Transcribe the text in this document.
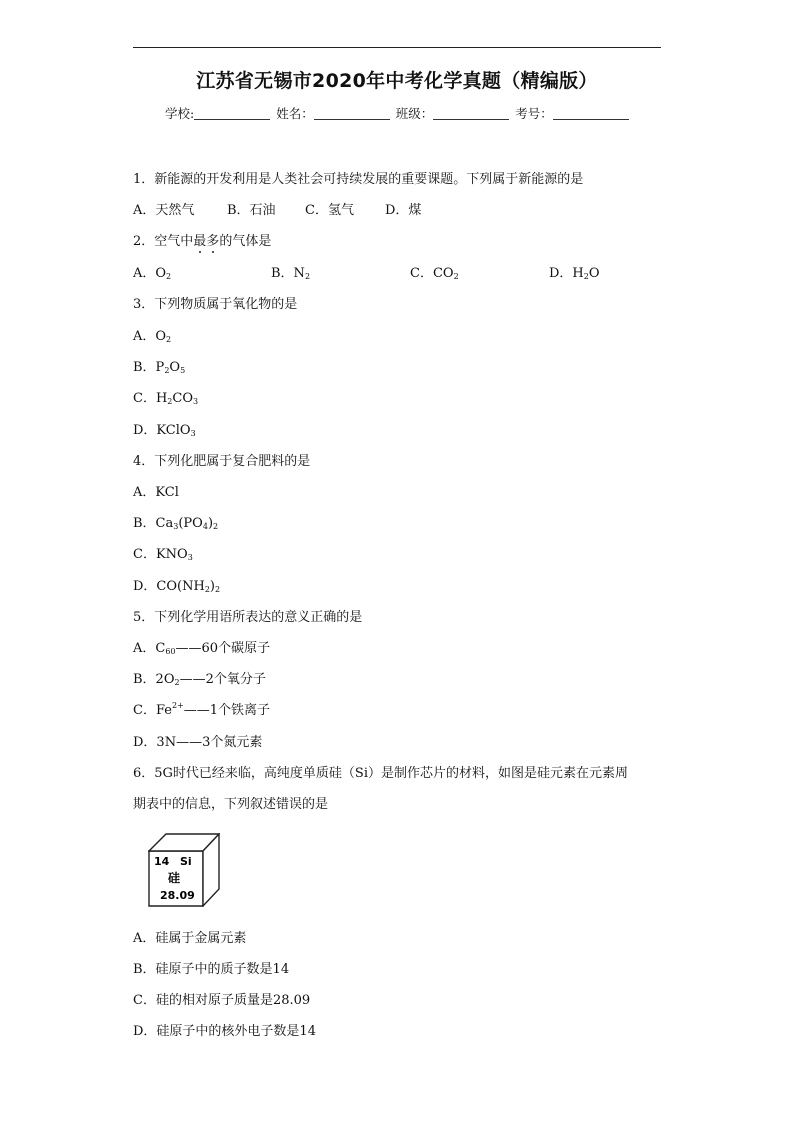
江苏省无锡市2020年中考化学真题（精编版）
学校:	姓名：	班级：	考号：
1．新能源的开发利用是人类社会可持续发展的重要课题。下列属于新能源的是
A．天然气	B．石油 C．氢气 D．煤
2．空气中最多的气体是
A．$O_2$	B．$N_2$	C．$CO_2$	D．$H_2O$
3．下列物质属于氧化物的是
A．$O_2$
B．$P_2O_5$
C．$H_2CO_3$
D．KClO$_3$
4．下列化肥属于复合肥料的是
A．KCl
B．$Ca_3(PO_4)_2$
C．$KNO_3$
D．$CO(NH_2)_2$
5．下列化学用语所表达的意义正确的是
A．$C_{60}——60$个碳原子
B．$2O_2——2$个氧分子
C．$Fe^{2+}——1$个铁离子
D．3N——3个氮元素
6．5G时代已经来临，高纯度单质硅（Si）是制作芯片的材料，如图是硅元素在元素周
期表中的信息，下列叙述错误的是
14 Si
硅
28.09
A．硅属于金属元素
B．硅原子中的质子数是14
C．硅的相对原子质量是28.09
D．硅原子中的核外电子数是14
